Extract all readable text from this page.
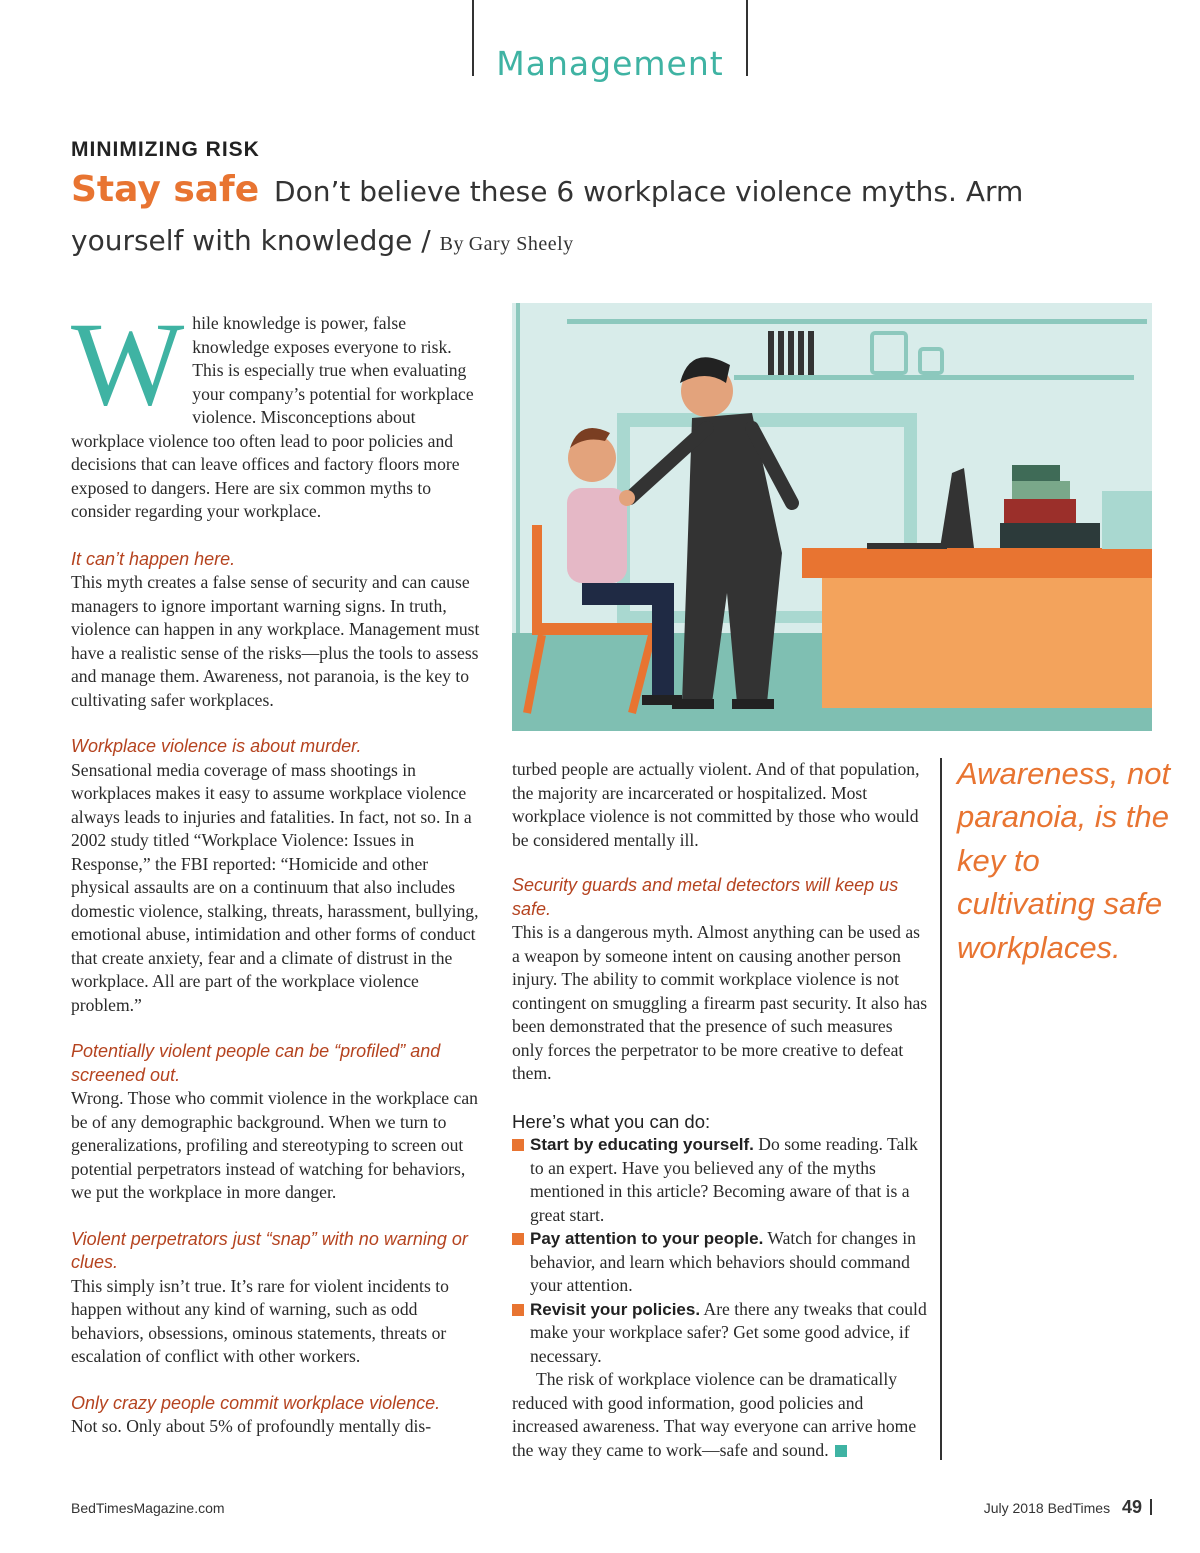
Management
MINIMIZING RISK
Stay safe Don’t believe these 6 workplace violence myths. Arm yourself with knowledge / By Gary Sheely

While knowledge is power, false knowledge exposes everyone to risk. This is especially true when evaluating your company’s potential for workplace violence. Misconceptions about workplace violence too often lead to poor policies and decisions that can leave offices and factory floors more exposed to dangers. Here are six common myths to consider regarding your workplace.

It can’t happen here.

This myth creates a false sense of security and can cause managers to ignore important warning signs. In truth, violence can happen in any workplace. Management must have a realistic sense of the risks—plus the tools to assess and manage them. Awareness, not paranoia, is the key to cultivating safer workplaces.

Workplace violence is about murder.

Sensational media coverage of mass shootings in workplaces makes it easy to assume workplace violence always leads to injuries and fatalities. In fact, not so. In a 2002 study titled “Workplace Violence: Issues in Response,” the FBI reported: “Homicide and other physical assaults are on a continuum that also includes domestic violence, stalking, threats, harassment, bullying, emotional abuse, intimidation and other forms of conduct that create anxiety, fear and a climate of distrust in the workplace. All are part of the workplace violence problem.”

Potentially violent people can be “profiled” and screened out.

Wrong. Those who commit violence in the workplace can be of any demographic background. When we turn to generalizations, profiling and stereotyping to screen out potential perpetrators instead of watching for behaviors, we put the workplace in more danger.

Violent perpetrators just “snap” with no warning or clues.

This simply isn’t true. It’s rare for violent incidents to happen without any kind of warning, such as odd behaviors, obsessions, ominous statements, threats or escalation of conflict with other workers.

Only crazy people commit workplace violence.

Not so. Only about 5% of profoundly mentally dis-

turbed people are actually violent. And of that population, the majority are incarcerated or hospitalized. Most workplace violence is not committed by those who would be considered mentally ill.

Security guards and metal detectors will keep us safe.

This is a dangerous myth. Almost anything can be used as a weapon by someone intent on causing another person injury. The ability to commit workplace violence is not contingent on smuggling a firearm past security. It also has been demonstrated that the presence of such measures only forces the perpetrator to be more creative to defeat them.

Here’s what you can do:
Start by educating yourself. Do some reading. Talk to an expert. Have you believed any of the myths mentioned in this article? Becoming aware of that is a great start.
Pay attention to your people. Watch for changes in behavior, and learn which behaviors should command your attention.
Revisit your policies. Are there any tweaks that could make your workplace safer? Get some good advice, if necessary.

The risk of workplace violence can be dramatically reduced with good information, good policies and increased awareness. That way everyone can arrive home the way they came to work—safe and sound.

Awareness, not paranoia, is the key to cultivating safe workplaces.
BedTimesMagazine.com	July 2018 BedTimes 49
